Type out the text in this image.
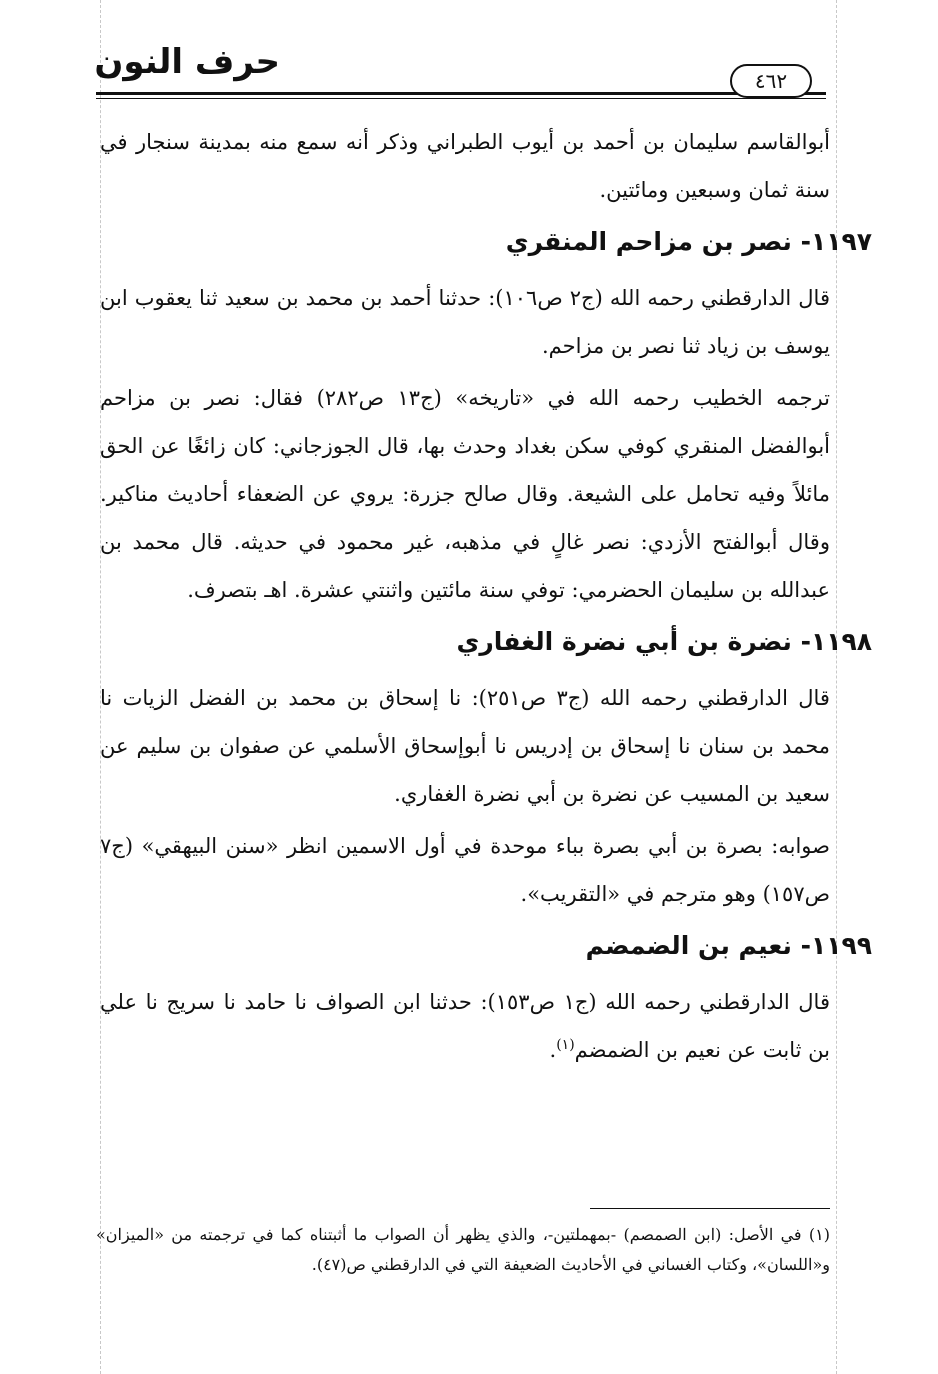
حرف النون	٤٦٢

أبوالقاسم سليمان بن أحمد بن أيوب الطبراني وذكر أنه سمع منه بمدينة سنجار في سنة ثمان وسبعين ومائتين.

١١٩٧- نصر بن مزاحم المنقري

قال الدارقطني رحمه الله (ج٢ ص١٠٦): حدثنا أحمد بن محمد بن سعيد ثنا يعقوب ابن يوسف بن زياد ثنا نصر بن مزاحم.

ترجمه الخطيب رحمه الله في «تاريخه» (ج١٣ ص٢٨٢) فقال: نصر بن مزاحم أبوالفضل المنقري كوفي سكن بغداد وحدث بها، قال الجوزجاني: كان زائغًا عن الحق مائلاً وفيه تحامل على الشيعة. وقال صالح جزرة: يروي عن الضعفاء أحاديث مناكير. وقال أبوالفتح الأزدي: نصر غالٍ في مذهبه، غير محمود في حديثه. قال محمد بن عبدالله بن سليمان الحضرمي: توفي سنة مائتين واثنتي عشرة. اهـ بتصرف.

١١٩٨- نضرة بن أبي نضرة الغفاري

قال الدارقطني رحمه الله (ج٣ ص٢٥١): نا إسحاق بن محمد بن الفضل الزيات نا محمد بن سنان نا إسحاق بن إدريس نا أبوإسحاق الأسلمي عن صفوان بن سليم عن سعيد بن المسيب عن نضرة بن أبي نضرة الغفاري.

صوابه: بصرة بن أبي بصرة بباء موحدة في أول الاسمين انظر «سنن البيهقي» (ج٧ ص١٥٧) وهو مترجم في «التقريب».

١١٩٩- نعيم بن الضمضم

قال الدارقطني رحمه الله (ج١ ص١٥٣): حدثنا ابن الصواف نا حامد نا سريج نا علي بن ثابت عن نعيم بن الضمضم$^{(١)}$.

(١) في الأصل: (ابن الصمصم) -بمهملتين-، والذي يظهر أن الصواب ما أثبتناه كما في ترجمته من «الميزان» و«اللسان»، وكتاب الغساني في الأحاديث الضعيفة التي في الدارقطني ص(٤٧).
